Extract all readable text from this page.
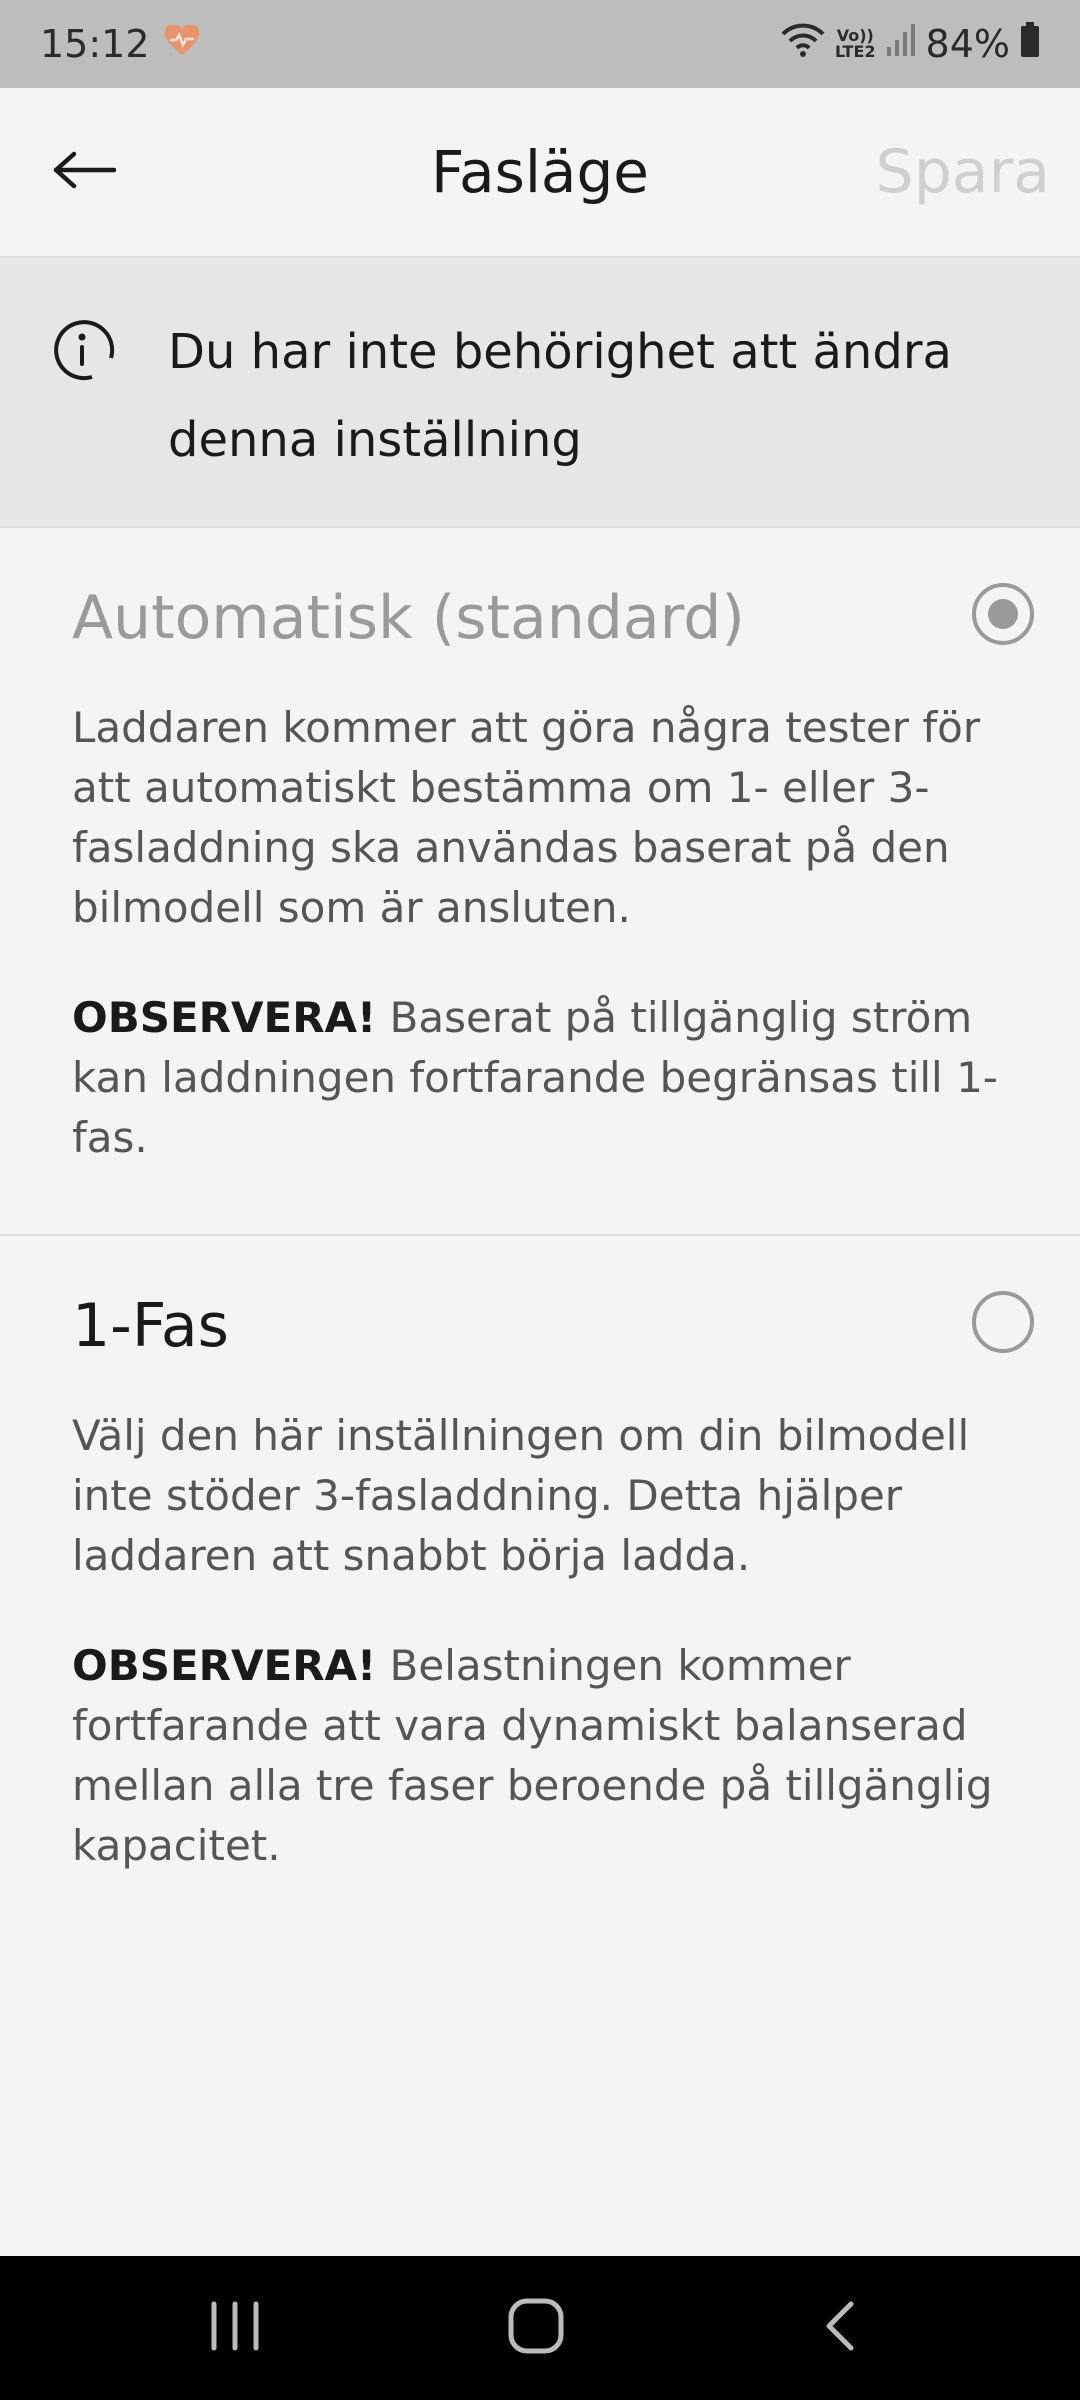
15:12	Vo))
LTE2 84%
Fasläge	Spara
Du har inte behörighet att ändra denna inställning
Automatisk (standard)

Laddaren kommer att göra några tester för att automatiskt bestämma om 1- eller 3-fasladdning ska användas baserat på den bilmodell som är ansluten.

OBSERVERA! Baserat på tillgänglig ström kan laddningen fortfarande begränsas till 1-fas.

1-Fas

Välj den här inställningen om din bilmodell inte stöder 3-fasladdning. Detta hjälper laddaren att snabbt börja ladda.

OBSERVERA! Belastningen kommer fortfarande att vara dynamiskt balanserad mellan alla tre faser beroende på tillgänglig kapacitet.
